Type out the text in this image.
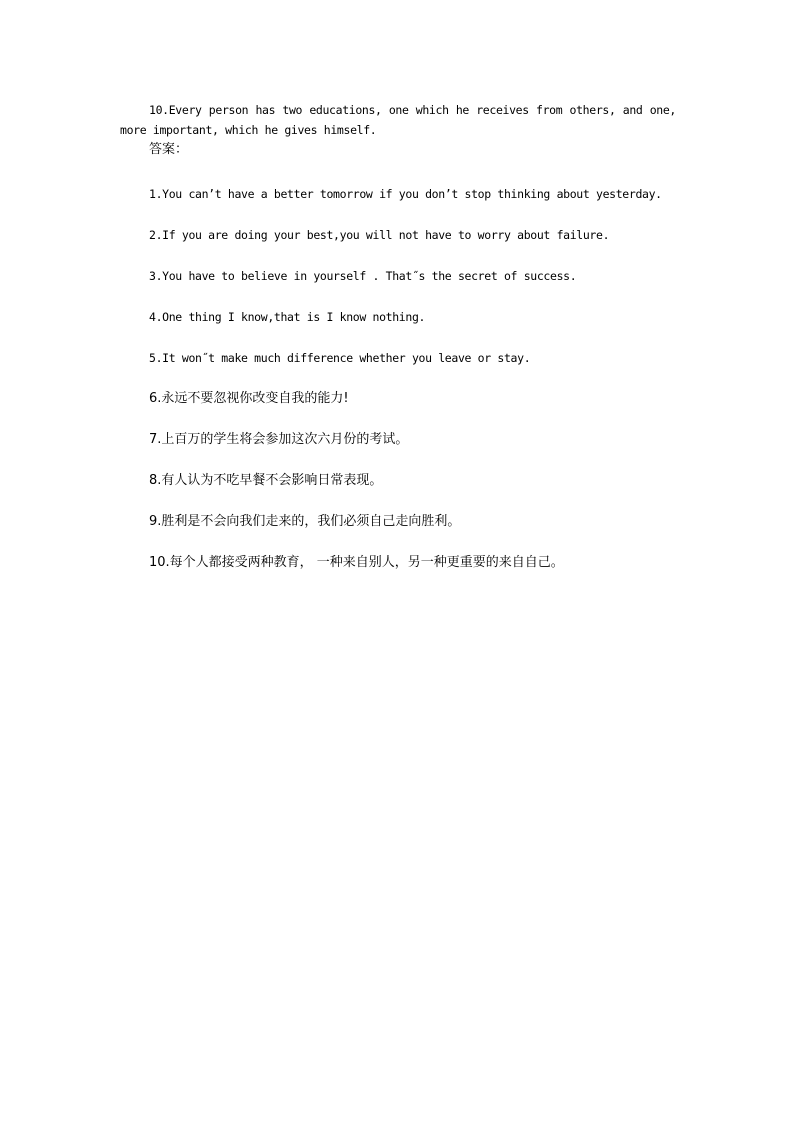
10.Every person has two educations, one which he receives from others, and one, more important, which he gives himself.

答案：

1.You can’t have a better tomorrow if you don’t stop thinking about yesterday.

2.If you are doing your best,you will not have to worry about failure.

3.You have to believe in yourself . That˝s the secret of success.

4.One thing I know,that is I know nothing.

5.It won˝t make much difference whether you leave or stay.

6.永远不要忽视你改变自我的能力!

7.上百万的学生将会参加这次六月份的考试。

8.有人认为不吃早餐不会影响日常表现。

9.胜利是不会向我们走来的，我们必须自己走向胜利。

10.每个人都接受两种教育， 一种来自别人，另一种更重要的来自自己。
